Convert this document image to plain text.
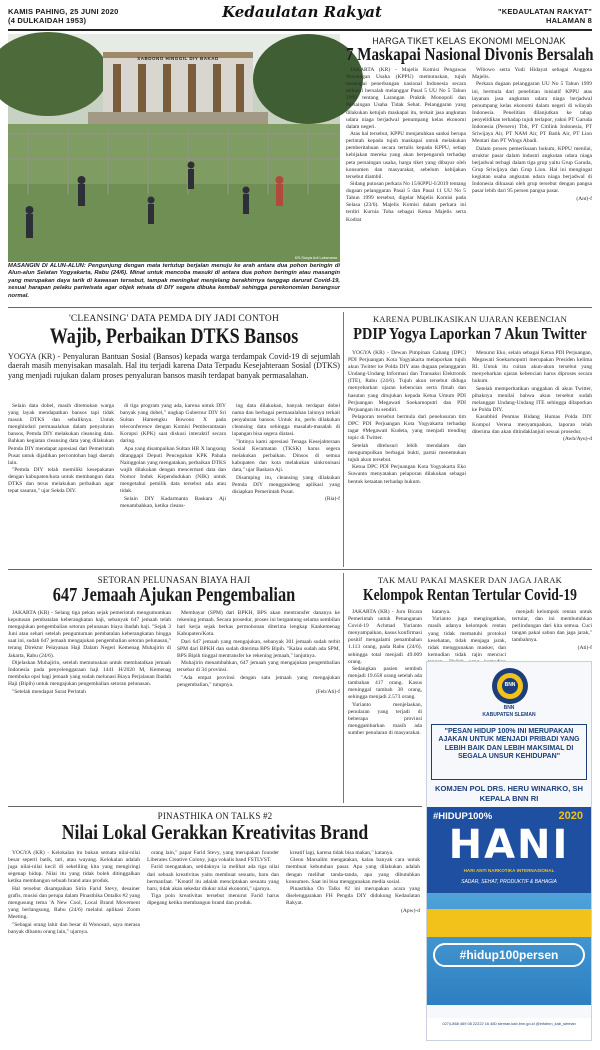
KAMIS PAHING, 25 JUNI 2020
(4 DULKAIDAH 1953)	Kedaulatan Rakyat	"KEDAULATAN RAKYAT"
HALAMAN 8
SABDONO HINGGIL DIY BAKAD
KR-Sonya Adi Laksmana
MASANGIN DI ALUN-ALUN: Pengunjung dengan mata tertutup berjalan menuju ke arah antara dua pohon beringin di Alun-alun Selatan Yogyakarta, Rabu (24/6). Minat untuk mencoba masuki di antara dua pohon beringin atau masangin yang merupakan daya tarik di kawasan tersebut, tampak meningkat menjelang berakhirnya tanggap darurat Covid-19, sesuai harapan pelaku pariwisata agar objek wisata di DIY segera dibuka kembali sehingga perekonomian berangsur normal.
HARGA TIKET KELAS EKONOMI MELONJAK
7 Maskapai Nasional Divonis Bersalah

JAKARTA (KR) - Majelis Komisi Pengawas Persaingan Usaha (KPPU) memutuskan, tujuh maskapai penerbangan nasional Indonesia secara terbukti bersalah melanggar Pasal 5 UU No 5 Tahun 1999 tentang Larangan Praktik Monopoli dan Persaingan Usaha Tidak Sehat. Pelanggaran yang dilakukan ketujuh maskapai itu, terkait jasa angkutan udara niaga berjadwal penumpang kelas ekonomi dalam negeri.

Atas hal tersebut, KPPU menjatuhkan sanksi berupa perintah kepada tujuh maskapai untuk melakukan pemberitahuan secara tertulis kepada KPPU, setiap kebijakan mereka yang akan berpengaruh terhadap peta persaingan usaha, harga tiket yang dibayar oleh konsumen dan masyarakat, sebelum kebijakan tersebut diambil.

Sidang putusan perkara No 15/KPPU-I/2019 tentang dugaan pelanggaran Pasal 5 dan Pasal 11 UU No 5 Tahun 1999 tersebut, digelar Majelis Komisi pada Selasa (23/6). Majelis Komisi dalam perkara ini terdiri Kurnia Toha sebagai Ketua Majelis serta Kodrat

Wibowo serta Yudi Hidayat sebagai Anggota Majelis.

Perkara dugaan pelanggaran UU No 5 Tahun 1999 ini, bermula dari penelitian inisiatif KPPU atas layanan jasa angkutan udara niaga berjadwal penumpang kelas ekonomi dalam negeri di wilayah Indonesia. Penelitian dilanjutkan ke tahap penyelidikan terhadap tujuh terlapor, yakni PT Garuda Indonesia (Persero) Tbk, PT Citilink Indonesia, PT Sriwijaya Air, PT NAM Air, PT Batik Air, PT Lion Mentari dan PT Wings Abadi.

Dalam proses pemeriksaan hukum, KPPU menilai, struktur pasar dalam industri angkutan udara niaga berjadwal terbagi dalam tiga grup yaitu Grup Garuda, Grup Sriwijaya dan Grup Lion. Hal ini mengingat kegiatan usaha angkutan udara niaga berjadwal di Indonesia dikuasai oleh grup tersebut dengan pangsa pasar lebih dari 95 persen pangsa pasar.

(Ant)-f

'CLEANSING' DATA PEMDA DIY JADI CONTOH
Wajib, Perbaikan DTKS Bansos
YOGYA (KR) - Penyaluran Bantuan Sosial (Bansos) kepada warga terdampak Covid-19 di sejumlah daerah masih menyisakan masalah. Hal itu terjadi karena Data Terpadu Kesejahteraan Sosial (DTKS) yang menjadi rujukan dalam proses penyaluran bansos masih terdapat banyak permasalahan.

Selain data dobel, masih ditemukan warga yang layak mendapatkan bansos tapi tidak masuk DTKS dan sebaliknya. Untuk menghindari permasalahan dalam penyaluran bansos, Pemda DIY melakukan cleansing data. Bahkan kegiatan cleansing data yang dilakukan Pemda DIY mendapat apresiasi dari Pemerintah Pusat untuk dijadikan percontohan bagi daerah lain.

"Pemda DIY telah memiliki kesepakatan dengan kabupaten/kota untuk membangun data DTKS dan terus melakukan perbaikan agar tepat sasaran," ujar Sekda DIY.

di tiga program yang ada, karena untuk DIY banyak yang dobel," ungkap Gubernur DIY Sri Sultan Hamengku Buwono X pada teleconference dengan Komisi Pemberantasan Korupsi (KPK) saat diskusi interaktif secara daring.

Apa yang disampaikan Sultan HB X langsung ditanggapi Deputi Pencegahan KPK Pahala Nainggolan yang mengatakan, perbaikan DTKS wajib dilakukan dengan mencermati data dan Nomor Induk Kependudukan (NIK) untuk mengetahui pemilik data tersebut ada atau tidak.

Selain DIY Kadarmanta Baskara Aji menambahkan, ketika cleans-

ing data dilakukan, banyak terdapat dobel nama dan berbagai permasalahan lainnya terkait penyaluran bansos. Untuk itu, perlu dilakukan cleansing data sehingga masalah-masalah di lapangan bisa segera diatasi.

"Intinya kami apresiasi Tenaga Kesejahteraan Sosial Kecamatan (TKSK) harus segera melakukan perbaikan. Dinsos di semua kabupaten dan kota melakukan sinkronisasi data," ujar Baskara Aji.

Disamping itu, cleansing yang dilakukan Pemda DIY menggandeng aplikasi yang disiapkan Pemerintah Pusat.

(Ria)-f

KARENA PUBLIKASIKAN UJARAN KEBENCIAN
PDIP Yogya Laporkan 7 Akun Twitter

YOGYA (KR) - Dewan Pimpinan Cabang (DPC) PDI Perjuangan Kota Yogyakarta melaporkan tujuh akun Twitter ke Polda DIY atas dugaan pelanggaran Undang-Undang Informasi dan Transaksi Elektronik (ITE), Rabu (24/6). Tujuh akun tersebut diduga menyebarkan ujaran kebencian serta fitnah dan hasutan yang ditujukan kepada Ketua Umum PDI Perjuangan Megawati Soekarnoputri dan PDI Perjuangan itu sendiri.

Pelaporan tersebut bermula dari penelusuran tim DPC PDI Perjuangan Kota Yogyakarta terhadap tagar #Megawati Kudeta, yang menjadi trending topic di Twitter.

Setelah ditelusuri lebih mendalam dan mengumpulkan berbagai bukti, partai menemukan tujuh akun tersebut.

Ketua DPC PDI Perjuangan Kota Yogyakarta Eko Suwanto menyatakan pelaporan dilakukan sebagai bentuk ketaatan terhadap hukum.

Menurut Eko, selain sebagai Ketua PDI Perjuangan, Megawati Soekarnoputri merupakan Presiden kelima RI. Untuk itu cuitan akun-akun tersebut yang menyebarkan ujaran kebencian harus diproses secara hukum.

Setelah memperhatikan unggahan di akun Twitter, pihaknya menilai bahwa akun tersebut sudah melanggar Undang-Undang ITE sehingga dilaporkan ke Polda DIY.

Kasubbid Penmas Bidang Humas Polda DIY Kompol Verena menyampaikan, laporan telah diterima dan akan ditindaklanjuti sesuai prosedur.

(Awh/Ayu)-d

SETORAN PELUNASAN BIAYA HAJI
647 Jemaah Ajukan Pengembalian

JAKARTA (KR) - Selang tiga pekan sejak pemerintah mengumumkan keputusan pembatalan keberangkatan haji, sebanyak 647 jemaah telah mengajukan pengembalian setoran pelunasan biaya ibadah haji. "Sejak 3 Juni atau sehari setelah pengumuman pembatalan keberangkatan hingga saat ini, sudah 647 jemaah mengajukan pengembalian setoran pelunasan," terang Direktur Pelayanan Haji Dalam Negeri Kemenag Muhajirin di Jakarta, Rabu (24/6).

Dijelaskan Muhajirin, setelah memutuskan untuk membatalkan jemaah Indonesia pada penyelenggaraan haji 1441 H/2020 M, Kemenag membuka opsi bagi jemaah yang sudah melunasi Biaya Perjalanan Ibadah Haji (Bipih) untuk mengajukan pengembalian setoran pelunasan.

"Setelah mendapat Surat Perintah

Membayar (SPM) dari BPKH, BPS akan mentransfer dananya ke rekening jemaah. Secara prosedur, proses ini bergantung selama sembilan hari kerja sejak berkas permohonan diterima lengkap Kankemenag Kabupaten/Kota.

Dari 647 jemaah yang mengajukan, sebanyak 301 jemaah sudah terbit SPM dari BPKH dan sudah diterima BPS Bipih. "Kalau sudah ada SPM, BPS Bipih tinggal mentransfer ke rekening jemaah," lanjutnya.

Muhajirin menambahkan, 647 jemaah yang mengajukan pengembalian tersebar di 34 provinsi.

"Ada empat provinsi dengan satu jemaah yang mengajukan pengembalian," tutupnya.

(Feb/Ati)-f

TAK MAU PAKAI MASKER DAN JAGA JARAK
Kelompok Rentan Tertular Covid-19

JAKARTA (KR) - Juru Bicara Pemerintah untuk Penanganan Covid-19 Achmad Yurianto menyampaikan, kasus konfirmasi positif mengalami penambahan 1.113 orang, pada Rabu (24/6), sehingga total menjadi 49.009 orang.

Sedangkan pasien sembuh menjadi 19.658 orang setelah ada tambahan 417 orang. Kasus meninggal tambah 38 orang, sehingga menjadi 2.573 orang.

Yurianto menjelaskan, penularan yang terjadi di beberapa provinsi menggambarkan masih ada sumber penularan di masyarakat.

katanya.

Yurianto juga mengingatkan, masih adanya kelompok rentan yang tidak mematuhi protokol kesehatan, tidak menjaga jarak, tidak menggunakan masker, dan kemudian tidak rajin mencuci

menjadi kelompok rentan untuk tertular, dan ini membutuhkan perlindungan dari kita semua. Cuci tangan pakai sabun dan jaga jarak," tambahnya.

(Ati)-f

BNN
BNN
KABUPATEN SLEMAN
"PESAN HIDUP 100% INI MERUPAKAN AJAKAN UNTUK MENJADI PRIBADI YANG LEBIH BAIK DAN LEBIH MAKSIMAL DI SEGALA UNSUR KEHIDUPAN"
KOMJEN POL DRS. HERU WINARKO, SH
KEPALA BNN RI
#HIDUP100%	2020
HANI
HARI ANTI NARKOTIKA INTERNASIONAL
SADAR, SEHAT, PRODUKTIF & BAHAGIA
#hidup100persen
0274-868 469 08 22222 16 480 sleman.kab.bnn.go.id @infobnn_kab_sleman
PINASTHIKA ON TALKS #2
Nilai Lokal Gerakkan Kreativitas Brand

YOGYA (KR) - Kelokalan itu bukan semata nilai-nilai besar seperti batik, tari, atau wayang. Kelokalan adalah juga nilai-nilai kecil di sekeliling kita yang mengiringi segenap hidup. Nilai itu yang tidak boleh ditinggalkan ketika membangun sebuah brand atau produk.

Hal tersebut disampaikan Sirin Farid Stevy, desainer grafis, musisi dan perupa dalam Pinasthika Ontalks #2 yang mengusung tema 'A New Cool, Local Brand Movement yang berlangsung, Rabu (24/6) melalui aplikasi Zoom Meeting.

"Sebagai orang lahir dan besar di Wonosari, saya merasa banyak dibantu orang lain," ujarnya.

orang lain," papar Farid Stevy, yang merupakan founder Liberates Creative Colony, juga vokalis band FSTLVST.

Farid mengatakan, setidaknya ia melihat ada tiga nilai dari sebuah kreativitas yaitu membuat sesuatu, baru dan bermanfaat. "Kreatif itu adalah menciptakan sesuatu yang baru, tidak akan sekedar diukur nilai ekonomi," ujarnya.

Tiga poin kreativitas tersebut menurut Farid harus dipegang ketika membangun brand dan produk.

kreatif lagi, karena tidak bisa makan," katanya.

Glenn Marsalim mengatakan, kalau banyak cara untuk membuat kebutuhan pasar. Apa yang dilakukan adalah dengan melihat tanda-tanda, apa yang dibutuhkan konsumen. Saat ini bisa menggunakan media sosial.

Pinasthika On Talks #2 ini merupakan acara yang diselenggarakan FH Pengda DIY didukung Kedaulatan Rakyat.

(Apw)-d
